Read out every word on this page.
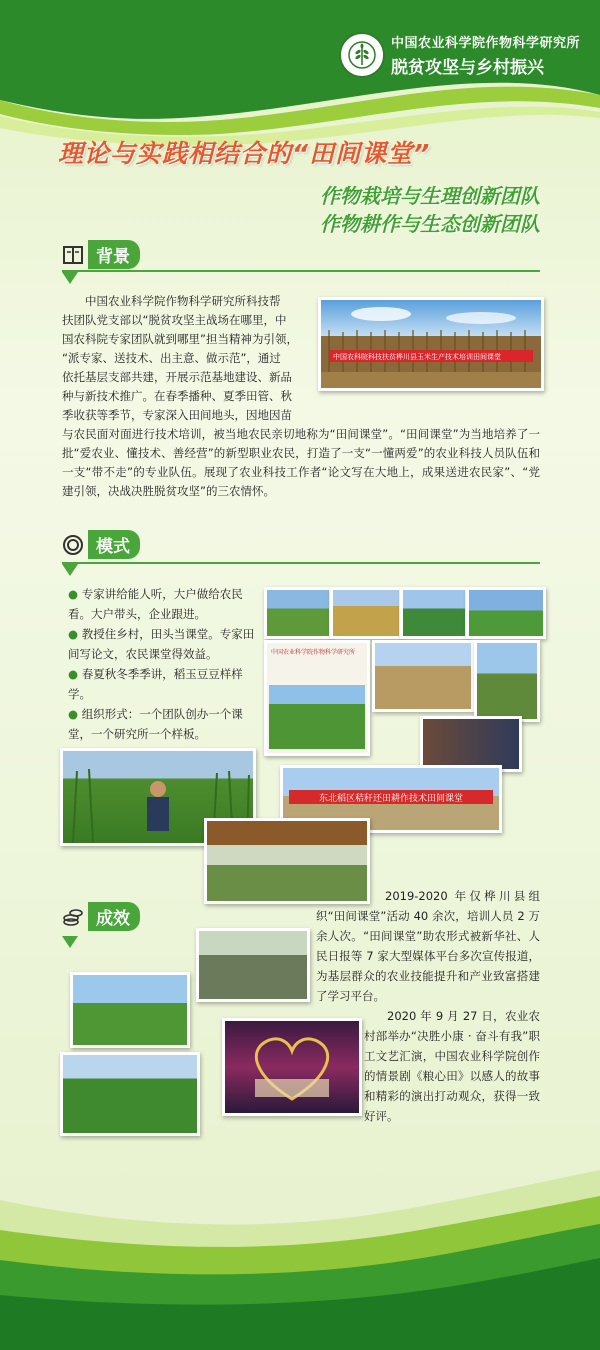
中国农业科学院作物科学研究所
脱贫攻坚与乡村振兴
理论与实践相结合的“田间课堂”
作物栽培与生理创新团队
作物耕作与生态创新团队
背景
中国农业科学院作物科学研究所科技帮
扶团队党支部以“脱贫攻坚主战场在哪里，中
国农科院专家团队就到哪里”担当精神为引领，
“派专家、送技术、出主意、做示范”，通过
依托基层支部共建，开展示范基地建设、新品
种与新技术推广。在春季播种、夏季田管、秋
季收获等季节，专家深入田间地头，因地因苗
与农民面对面进行技术培训，被当地农民亲切地称为“田间课堂”。“田间课堂”为当地培养了一批“爱农业、懂技术、善经营”的新型职业农民，打造了一支“一懂两爱”的农业科技人员队伍和一支“带不走”的专业队伍。展现了农业科技工作者“论文写在大地上，成果送进农民家”、“党建引领，决战决胜脱贫攻坚”的三农情怀。
中国农科院科技扶贫桦川县玉米生产技术培训田间课堂
模式
● 专家讲给能人听，大户做给农民看。大户带头，企业跟进。
● 教授住乡村，田头当课堂。专家田间写论文，农民课堂得效益。
● 春夏秋冬季季讲，稻玉豆豆样样学。
● 组织形式：一个团队创办一个课堂，一个研究所一个样板。
中国农业科学院作物科学研究所
东北稻区秸秆还田耕作技术田间课堂
成效
2019-2020 年仅桦川县组织“田间课堂”活动 40 余次，培训人员 2 万余人次。“田间课堂”助农形式被新华社、人民日报等 7 家大型媒体平台多次宣传报道，为基层群众的农业技能提升和产业致富搭建了学习平台。
2020 年 9 月 27 日，农业农村部举办“决胜小康 · 奋斗有我”职工文艺汇演，中国农业科学院创作的情景剧《粮心田》以感人的故事和精彩的演出打动观众，获得一致好评。
